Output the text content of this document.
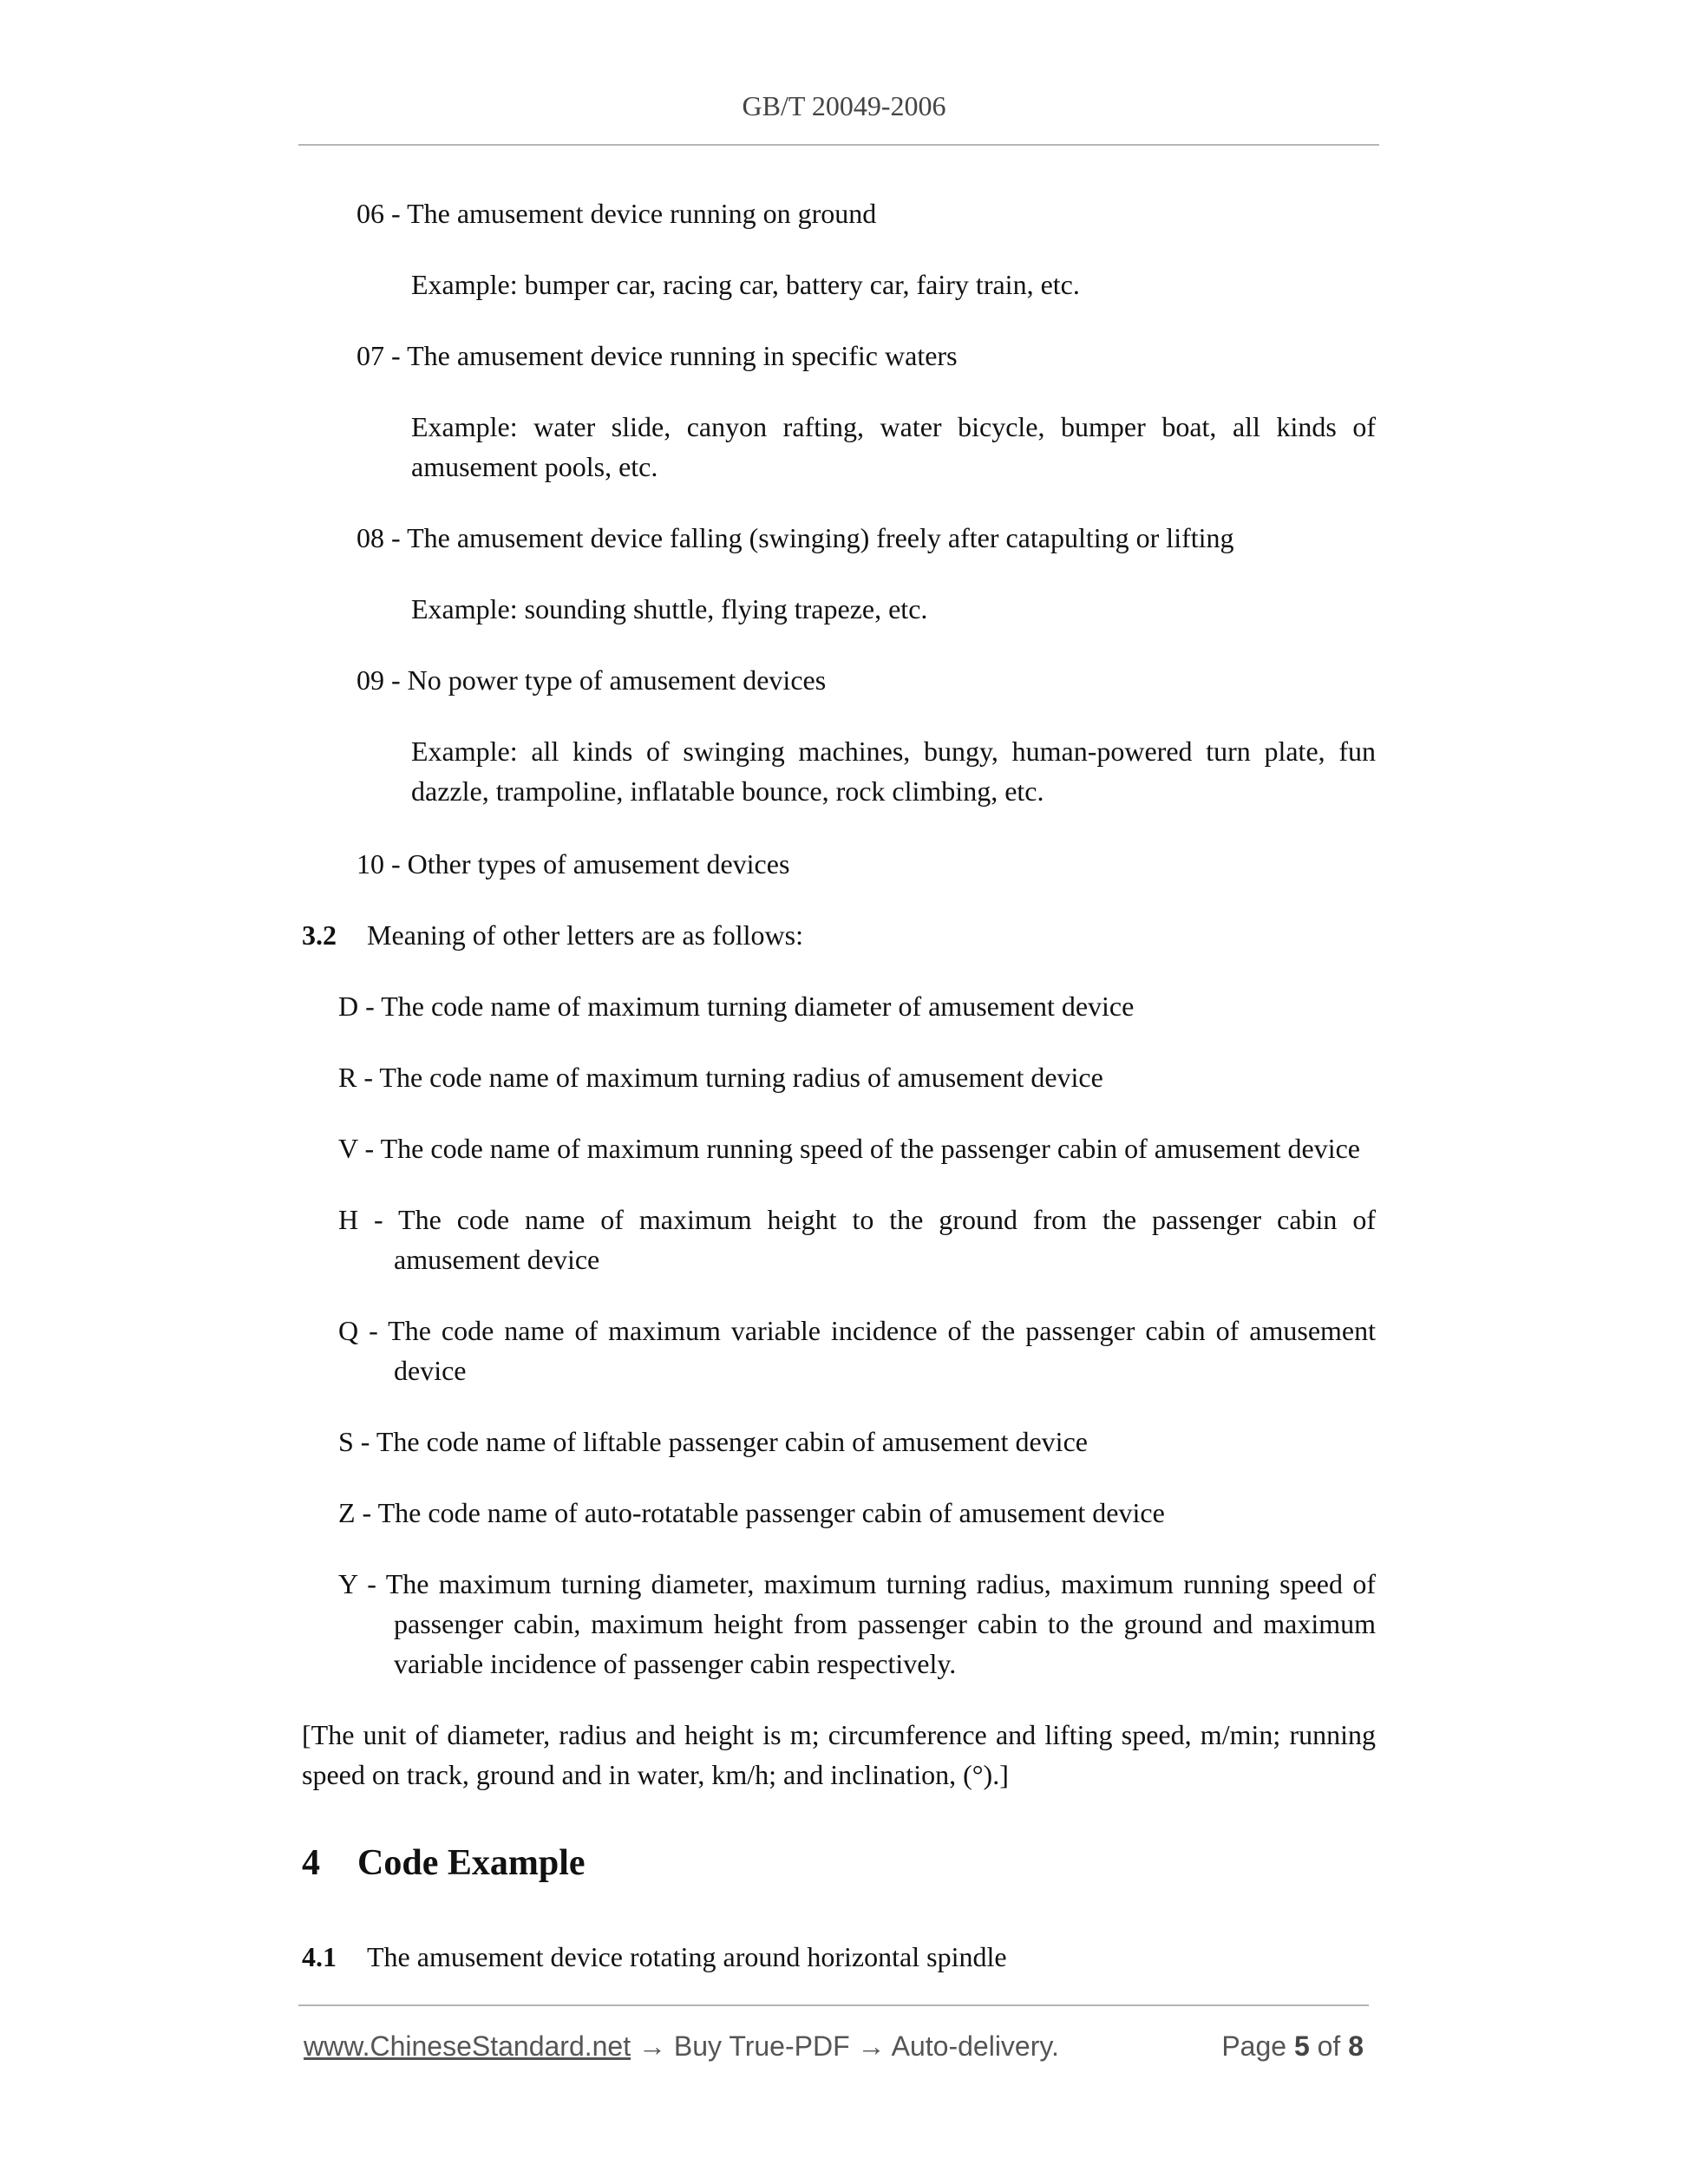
GB/T 20049-2006
06 - The amusement device running on ground
Example: bumper car, racing car, battery car, fairy train, etc.
07 - The amusement device running in specific waters
Example: water slide, canyon rafting, water bicycle, bumper boat, all kinds of amusement pools, etc.
08 - The amusement device falling (swinging) freely after catapulting or lifting
Example: sounding shuttle, flying trapeze, etc.
09 - No power type of amusement devices
Example: all kinds of swinging machines, bungy, human-powered turn plate, fun dazzle, trampoline, inflatable bounce, rock climbing, etc.
10 - Other types of amusement devices
3.2 Meaning of other letters are as follows:
D - The code name of maximum turning diameter of amusement device
R - The code name of maximum turning radius of amusement device
V - The code name of maximum running speed of the passenger cabin of amusement device
H - The code name of maximum height to the ground from the passenger cabin of amusement device
Q - The code name of maximum variable incidence of the passenger cabin of amusement device
S - The code name of liftable passenger cabin of amusement device
Z - The code name of auto-rotatable passenger cabin of amusement device
Y - The maximum turning diameter, maximum turning radius, maximum running speed of passenger cabin, maximum height from passenger cabin to the ground and maximum variable incidence of passenger cabin respectively.
[The unit of diameter, radius and height is m; circumference and lifting speed, m/min; running speed on track, ground and in water, km/h; and inclination, (°).]
4 Code Example
4.1 The amusement device rotating around horizontal spindle
www.ChineseStandard.net → Buy True-PDF → Auto-delivery.	Page 5 of 8
